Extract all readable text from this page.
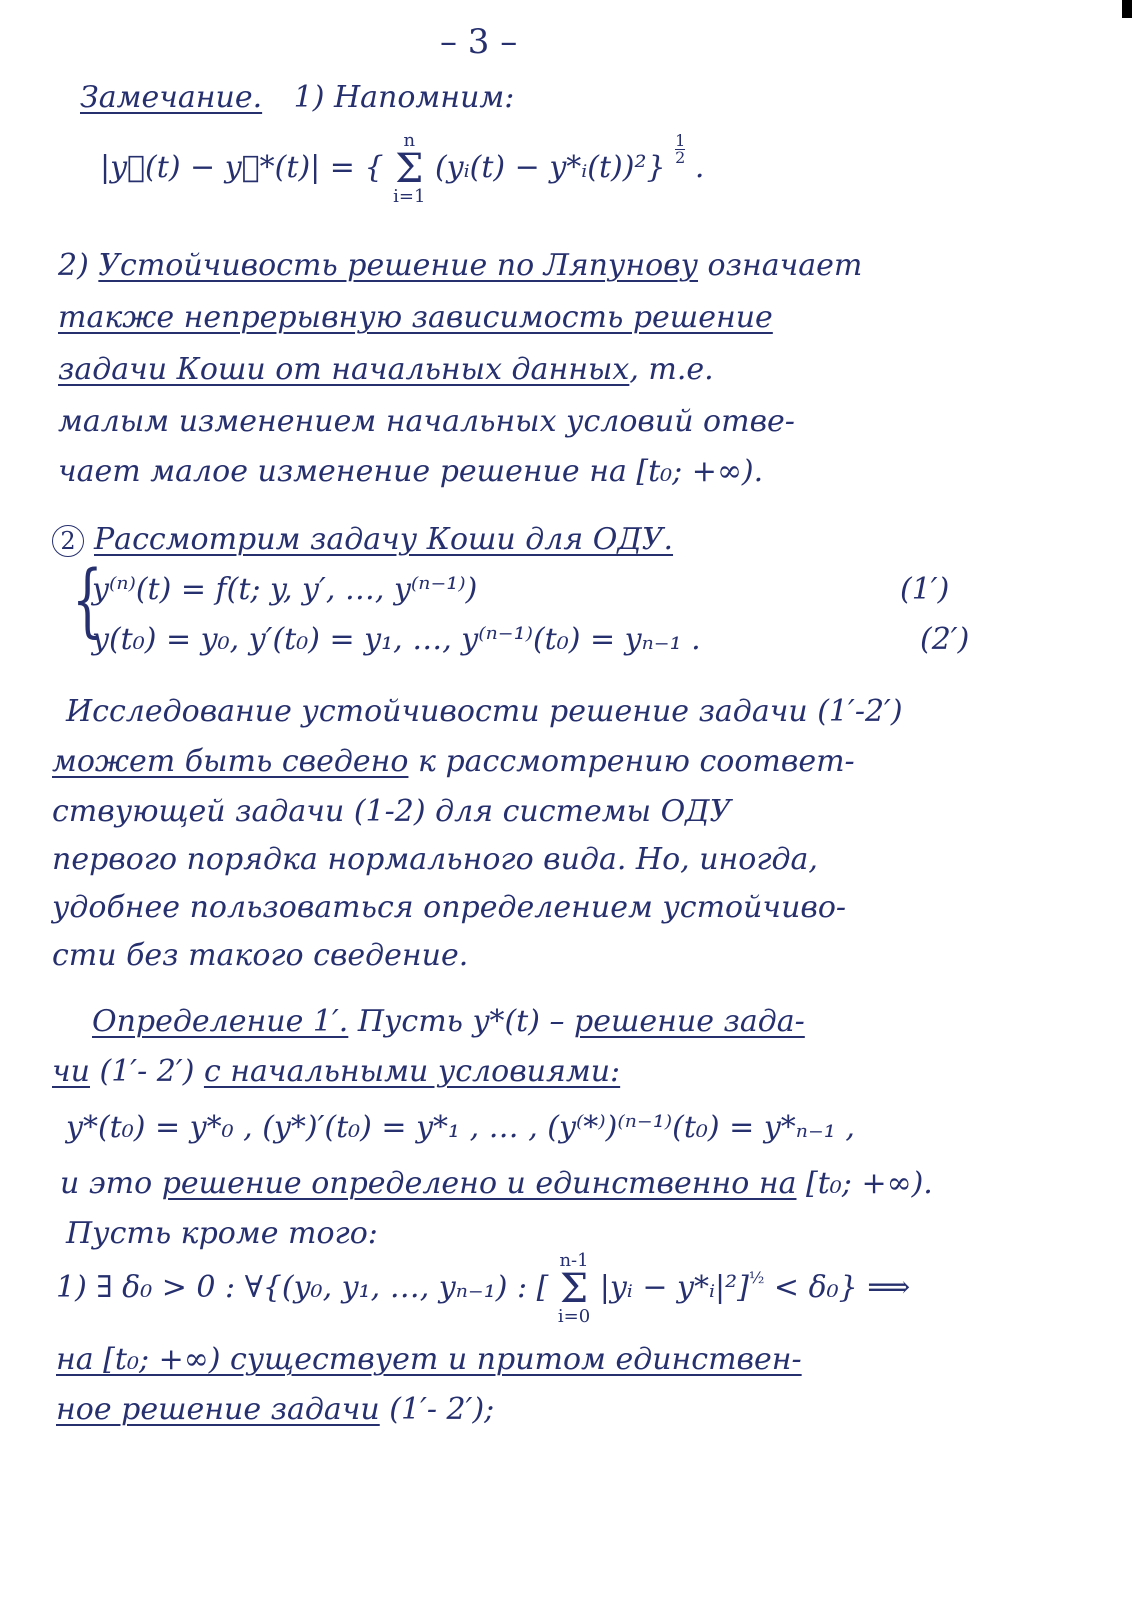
– 3 –
Замечание. 1) Напомним:
|y⃗(t) − y⃗*(t)| = {
n
Σ
i=1
(yᵢ(t) − y*ᵢ(t))²}
$\frac{1}{2}$
.
2) Устойчивость решение по Ляпунову означает
также непрерывную зависимость решение
задачи Коши от начальных данных, т.е.
малым изменением начальных условий отве-
чает малое изменение решение на [t₀; +∞).
2 Рассмотрим задачу Коши для ОДУ.
{
y⁽ⁿ⁾(t) = f(t; y, y′, …, y⁽ⁿ⁻¹⁾)	(1′)
y(t₀) = y₀, y′(t₀) = y₁, …, y⁽ⁿ⁻¹⁾(t₀) = yₙ₋₁ .	(2′)
Исследование устойчивости решение задачи (1′-2′)
может быть сведено к рассмотрению соответ-
ствующей задачи (1-2) для системы ОДУ
первого порядка нормального вида. Но, иногда,
удобнее пользоваться определением устойчиво-
сти без такого сведение.
Определение 1′. Пусть y*(t) – решение зада-
чи (1′- 2′) с начальными условиями:
y*(t₀) = y*₀ , (y*)′(t₀) = y*₁ , … , (y⁽*⁾)⁽ⁿ⁻¹⁾(t₀) = y*ₙ₋₁ ,
и это решение определено и единственно на [t₀; +∞).
Пусть кроме того:
1) ∃ δ₀ > 0 : ∀{(y₀, y₁, …, yₙ₋₁) : [
n-1
Σ
i=0
|yᵢ − y*ᵢ|²]½ < δ₀} ⟹
на [t₀; +∞) существует и притом единствен-
ное решение задачи (1′- 2′);
